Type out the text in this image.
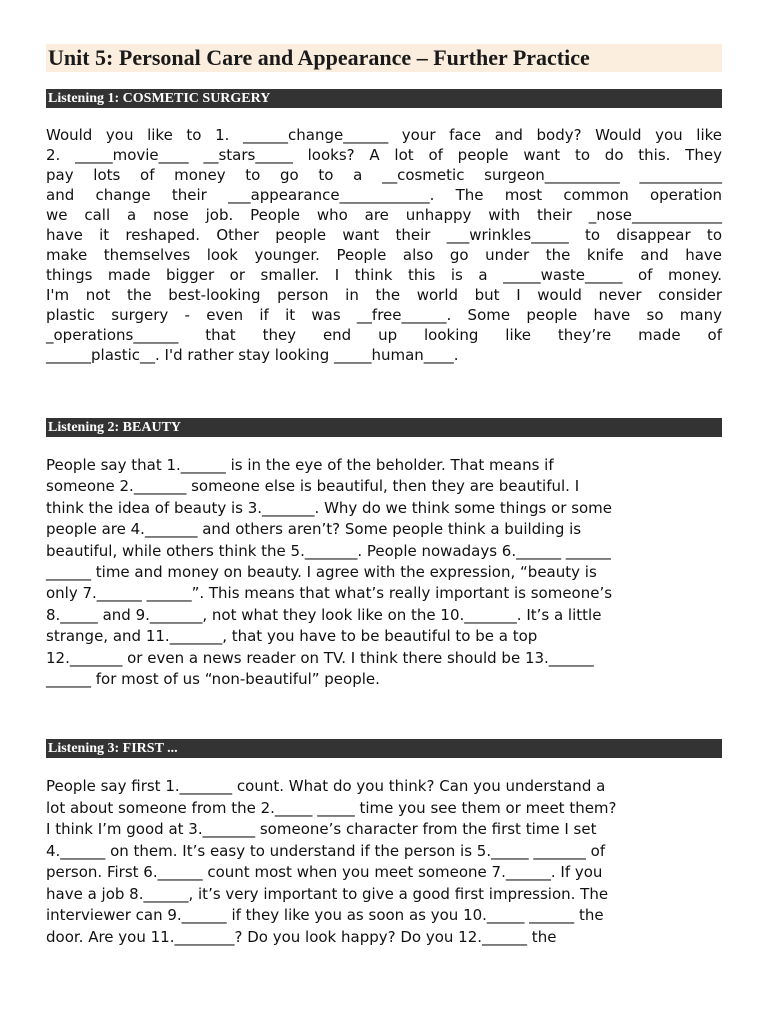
Unit 5: Personal Care and Appearance – Further Practice
Listening 1: COSMETIC SURGERY
Would you like to 1. ______change______ your face and body? Would you like
2. _____movie____ __stars_____ looks? A lot of people want to do this. They
pay lots of money to go to a __cosmetic surgeon__________ ___________
and change their ___appearance____________. The most common operation
we call a nose job. People who are unhappy with their _nose____________
have it reshaped. Other people want their ___wrinkles_____ to disappear to
make themselves look younger. People also go under the knife and have
things made bigger or smaller. I think this is a _____waste_____ of money.
I'm not the best-looking person in the world but I would never consider
plastic surgery - even if it was __free______. Some people have so many
_operations______ that they end up looking like they’re made of
______plastic__. I'd rather stay looking _____human____.
Listening 2: BEAUTY
People say that 1.______ is in the eye of the beholder. That means if
someone 2._______ someone else is beautiful, then they are beautiful. I
think the idea of beauty is 3._______. Why do we think some things or some
people are 4._______ and others aren’t? Some people think a building is
beautiful, while others think the 5._______. People nowadays 6.______ ______
______ time and money on beauty. I agree with the expression, “beauty is
only 7.______ ______”. This means that what’s really important is someone’s
8._____ and 9._______, not what they look like on the 10._______. It’s a little
strange, and 11._______, that you have to be beautiful to be a top
12._______ or even a news reader on TV. I think there should be 13.______
______ for most of us “non-beautiful” people.
Listening 3: FIRST ...
People say first 1._______ count. What do you think? Can you understand a
lot about someone from the 2._____ _____ time you see them or meet them?
I think I’m good at 3._______ someone’s character from the first time I set
4.______ on them. It’s easy to understand if the person is 5._____ _______ of
person. First 6.______ count most when you meet someone 7.______. If you
have a job 8.______, it’s very important to give a good first impression. The
interviewer can 9.______ if they like you as soon as you 10._____ ______ the
door. Are you 11.________? Do you look happy? Do you 12.______ the
